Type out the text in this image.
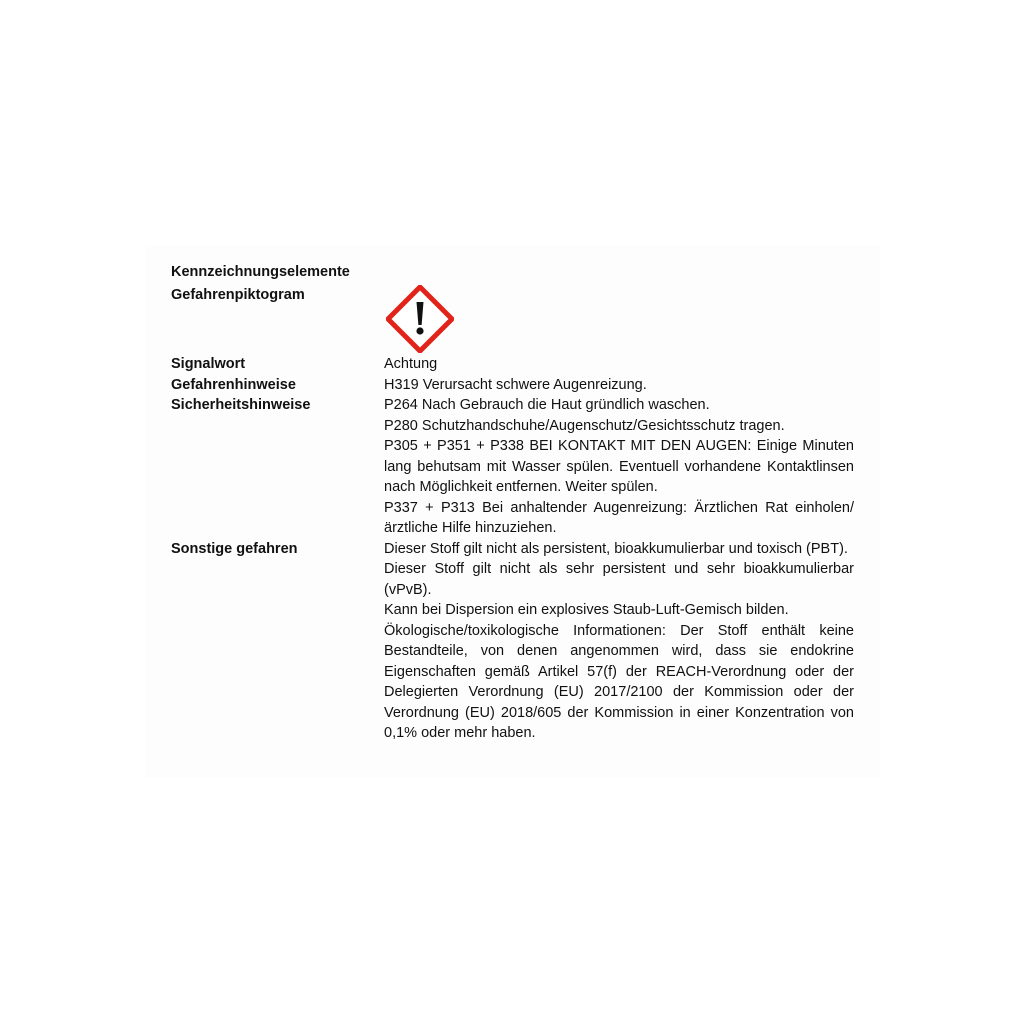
Kennzeichnungselemente
Gefahrenpiktogram
Signalwort	Achtung

Gefahrenhinweise	H319 Verursacht schwere Augenreizung.

Sicherheitshinweise	P264 Nach Gebrauch die Haut gründlich waschen.

P280 Schutzhandschuhe/Augenschutz/Gesichtsschutz tragen.

P305 + P351 + P338 BEI KONTAKT MIT DEN AUGEN: Einige Minuten lang behutsam mit Wasser spülen. Eventuell vorhandene Kontaktlinsen nach Möglichkeit entfernen. Weiter spülen.

P337 + P313 Bei anhaltender Augenreizung: Ärztlichen Rat einholen/ärztliche Hilfe hinzuziehen.

Sonstige gefahren	Dieser Stoff gilt nicht als persistent, bioakkumulierbar und toxisch (PBT).

Dieser Stoff gilt nicht als sehr persistent und sehr bioakkumulierbar (vPvB).

Kann bei Dispersion ein explosives Staub-Luft-Gemisch bilden.

Ökologische/toxikologische Informationen: Der Stoff enthält keine Bestandteile, von denen angenommen wird, dass sie endokrine Eigenschaften gemäß Artikel 57(f) der REACH-Verordnung oder der Delegierten Verordnung (EU) 2017/2100 der Kommission oder der Verordnung (EU) 2018/605 der Kommission in einer Konzentration von 0,1% oder mehr haben.
